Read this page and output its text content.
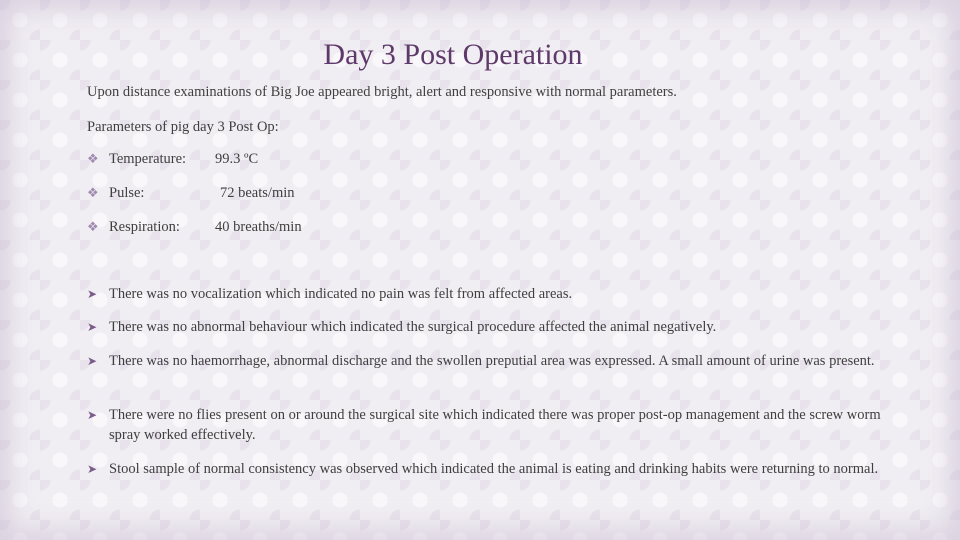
Day 3 Post Operation
Upon distance examinations of Big Joe appeared bright, alert and responsive with normal parameters.
Parameters of pig day 3 Post Op:
❖ Temperature: 99.3 ºC
❖ Pulse:	72 beats/min
❖ Respiration: 40 breaths/min
➤ There was no vocalization which indicated no pain was felt from affected areas.
➤ There was no abnormal behaviour which indicated the surgical procedure affected the animal negatively.
➤ There was no haemorrhage, abnormal discharge and the swollen preputial area was expressed. A small amount of urine was present.
➤ There were no flies present on or around the surgical site which indicated there was proper post-op management and the screw worm spray worked effectively.
➤ Stool sample of normal consistency was observed which indicated the animal is eating and drinking habits were returning to normal.
